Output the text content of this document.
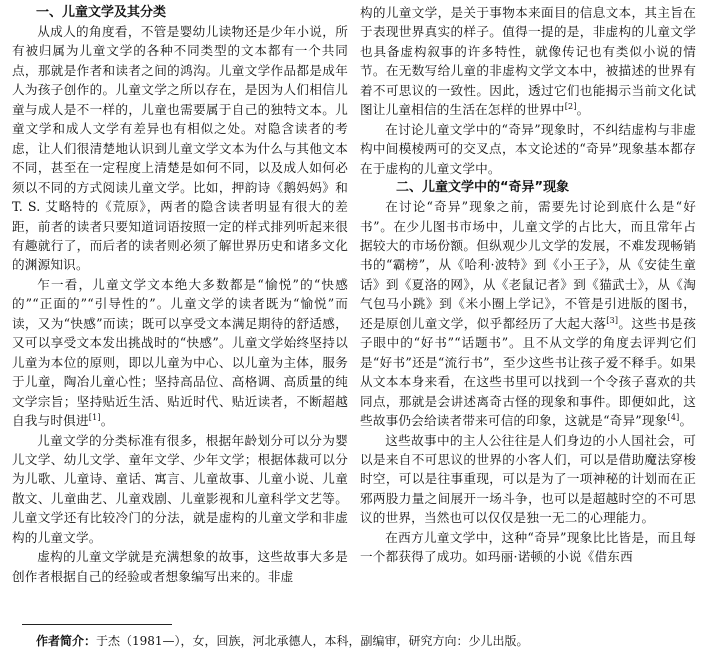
一、儿童文学及其分类

从成人的角度看，不管是婴幼儿读物还是少年小说，所有被归属为儿童文学的各种不同类型的文本都有一个共同点，那就是作者和读者之间的鸿沟。儿童文学作品都是成年人为孩子创作的。儿童文学之所以存在，是因为人们相信儿童与成人是不一样的，儿童也需要属于自己的独特文本。儿童文学和成人文学有差异也有相似之处。对隐含读者的考虑，让人们很清楚地认识到儿童文学文本为什么与其他文本不同，甚至在一定程度上清楚是如何不同，以及成人如何必须以不同的方式阅读儿童文学。比如，押韵诗《鹅妈妈》和 T. S. 艾略特的《荒原》，两者的隐含读者明显有很大的差距，前者的读者只要知道词语按照一定的样式排列听起来很有趣就行了，而后者的读者则必须了解世界历史和诸多文化的渊源知识。

乍一看，儿童文学文本绝大多数都是“愉悦”的“快感的”“正面的”“引导性的”。儿童文学的读者既为“愉悦”而读，又为“快感”而读；既可以享受文本满足期待的舒适感，又可以享受文本发出挑战时的“快感”。儿童文学始终坚持以儿童为本位的原则，即以儿童为中心、以儿童为主体，服务于儿童，陶冶儿童心性；坚持高品位、高格调、高质量的纯文学宗旨；坚持贴近生活、贴近时代、贴近读者，不断超越自我与时俱进[1]。

儿童文学的分类标准有很多，根据年龄划分可以分为婴儿文学、幼儿文学、童年文学、少年文学；根据体裁可以分为儿歌、儿童诗、童话、寓言、儿童故事、儿童小说、儿童散文、儿童曲艺、儿童戏剧、儿童影视和儿童科学文艺等。儿童文学还有比较冷门的分法，就是虚构的儿童文学和非虚构的儿童文学。

虚构的儿童文学就是充满想象的故事，这些故事大多是创作者根据自己的经验或者想象编写出来的。非虚

构的儿童文学，是关于事物本来面目的信息文本，其主旨在于表现世界真实的样子。值得一提的是，非虚构的儿童文学也具备虚构叙事的许多特性，就像传记也有类似小说的情节。在无数写给儿童的非虚构文学文本中，被描述的世界有着不可思议的一致性。因此，透过它们也能揭示当前文化试图让儿童相信的生活在怎样的世界中[2]。

在讨论儿童文学中的“奇异”现象时，不纠结虚构与非虚构中间模棱两可的交叉点，本文论述的“奇异”现象基本都存在于虚构的儿童文学中。

二、儿童文学中的“奇异”现象

在讨论“奇异”现象之前，需要先讨论到底什么是“好书”。在少儿图书市场中，儿童文学的占比大，而且常年占据较大的市场份额。但纵观少儿文学的发展，不难发现畅销书的“霸榜”，从《哈利·波特》到《小王子》，从《安徒生童话》到《夏洛的网》，从《老鼠记者》到《猫武士》，从《淘气包马小跳》到《米小圈上学记》，不管是引进版的图书，还是原创儿童文学，似乎都经历了大起大落[3]。这些书是孩子眼中的“好书”“话题书”。且不从文学的角度去评判它们是“好书”还是“流行书”，至少这些书让孩子爱不释手。如果从文本本身来看，在这些书里可以找到一个令孩子喜欢的共同点，那就是会讲述离奇古怪的现象和事件。即便如此，这些故事仍会给读者带来可信的印象，这就是“奇异”现象[4]。

这些故事中的主人公往往是人们身边的小人国社会，可以是来自不可思议的世界的小客人们，可以是借助魔法穿梭时空，可以是往事重现，可以是为了一项神秘的计划而在正邪两股力量之间展开一场斗争，也可以是超越时空的不可思议的世界，当然也可以仅仅是独一无二的心理能力。

在西方儿童文学中，这种“奇异”现象比比皆是，而且每一个都获得了成功。如玛丽·诺顿的小说《借东西

作者简介：于杰（1981—），女，回族，河北承德人，本科，副编审，研究方向：少儿出版。
